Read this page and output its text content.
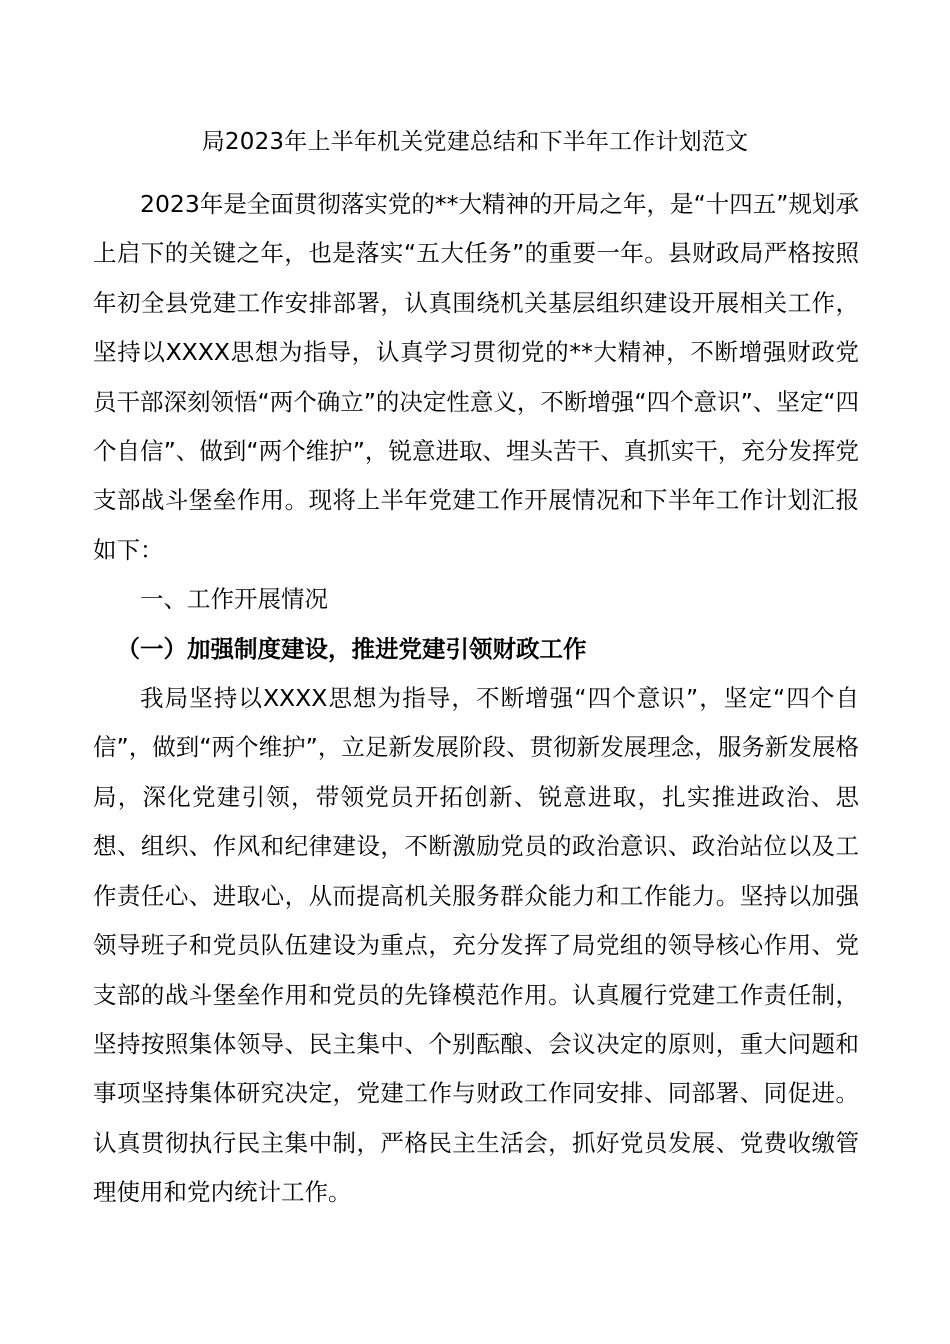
局2023年上半年机关党建总结和下半年工作计划范文

2023年是全面贯彻落实党的**大精神的开局之年，是“十四五”规划承上启下的关键之年，也是落实“五大任务”的重要一年。县财政局严格按照年初全县党建工作安排部署，认真围绕机关基层组织建设开展相关工作，坚持以XXXX思想为指导，认真学习贯彻党的**大精神，不断增强财政党员干部深刻领悟“两个确立”的决定性意义，不断增强“四个意识”、坚定“四个自信”、做到“两个维护”，锐意进取、埋头苦干、真抓实干，充分发挥党支部战斗堡垒作用。现将上半年党建工作开展情况和下半年工作计划汇报如下：

一、工作开展情况

（一）加强制度建设，推进党建引领财政工作

我局坚持以XXXX思想为指导，不断增强“四个意识”，坚定“四个自信”，做到“两个维护”，立足新发展阶段、贯彻新发展理念，服务新发展格局，深化党建引领，带领党员开拓创新、锐意进取，扎实推进政治、思想、组织、作风和纪律建设，不断激励党员的政治意识、政治站位以及工作责任心、进取心，从而提高机关服务群众能力和工作能力。坚持以加强领导班子和党员队伍建设为重点，充分发挥了局党组的领导核心作用、党支部的战斗堡垒作用和党员的先锋模范作用。认真履行党建工作责任制，坚持按照集体领导、民主集中、个别酝酿、会议决定的原则，重大问题和事项坚持集体研究决定，党建工作与财政工作同安排、同部署、同促进。认真贯彻执行民主集中制，严格民主生活会，抓好党员发展、党费收缴管理使用和党内统计工作。
